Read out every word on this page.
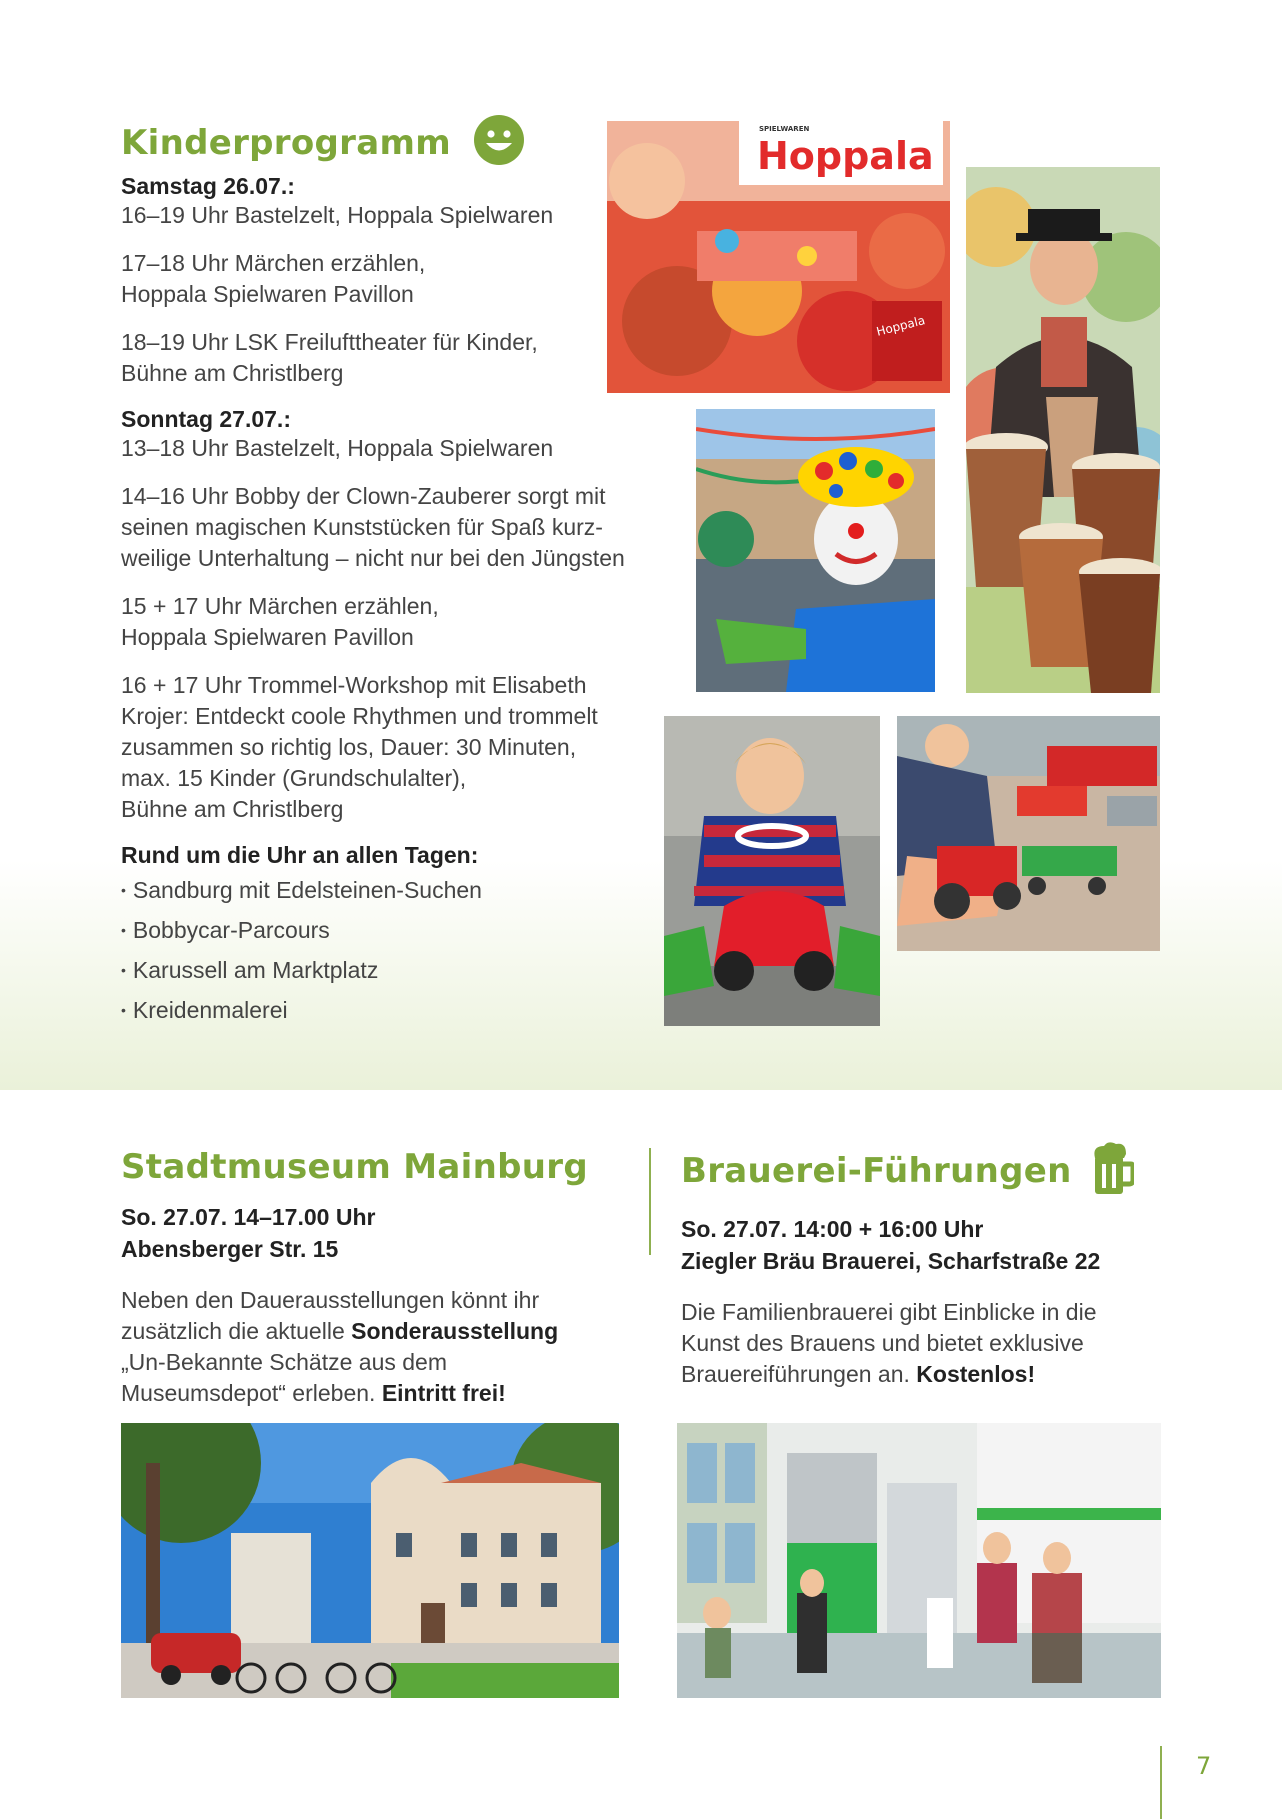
Kinderprogramm

Samstag 26.07.:

16–19 Uhr Bastelzelt, Hoppala Spielwaren

17–18 Uhr Märchen erzählen,
Hoppala Spielwaren Pavillon

18–19 Uhr LSK Freilufttheater für Kinder,
Bühne am Christlberg

Sonntag 27.07.:

13–18 Uhr Bastelzelt, Hoppala Spielwaren

14–16 Uhr Bobby der Clown-Zauberer sorgt mit
seinen magischen Kunststücken für Spaß kurz-
weilige Unterhaltung – nicht nur bei den Jüngsten

15 + 17 Uhr Märchen erzählen,
Hoppala Spielwaren Pavillon

16 + 17 Uhr Trommel-Workshop mit Elisabeth
Krojer: Entdeckt coole Rhythmen und trommelt
zusammen so richtig los, Dauer: 30 Minuten,
max. 15 Kinder (Grundschulalter),
Bühne am Christlberg

Rund um die Uhr an allen Tagen:

• Sandburg mit Edelsteinen-Suchen
• Bobbycar-Parcours
• Karussell am Marktplatz
• Kreidenmalerei
Hoppala
SPIELWAREN
Hoppala
Stadtmuseum Mainburg

So. 27.07. 14–17.00 Uhr

Abensberger Str. 15

Neben den Dauerausstellungen könnt ihr
zusätzlich die aktuelle Sonderausstellung
„Un-Bekannte Schätze aus dem
Museumsdepot“ erleben. Eintritt frei!

Brauerei-Führungen

So. 27.07. 14:00 + 16:00 Uhr

Ziegler Bräu Brauerei, Scharfstraße 22

Die Familienbrauerei gibt Einblicke in die
Kunst des Brauens und bietet exklusive
Brauereiführungen an. Kostenlos!

7
